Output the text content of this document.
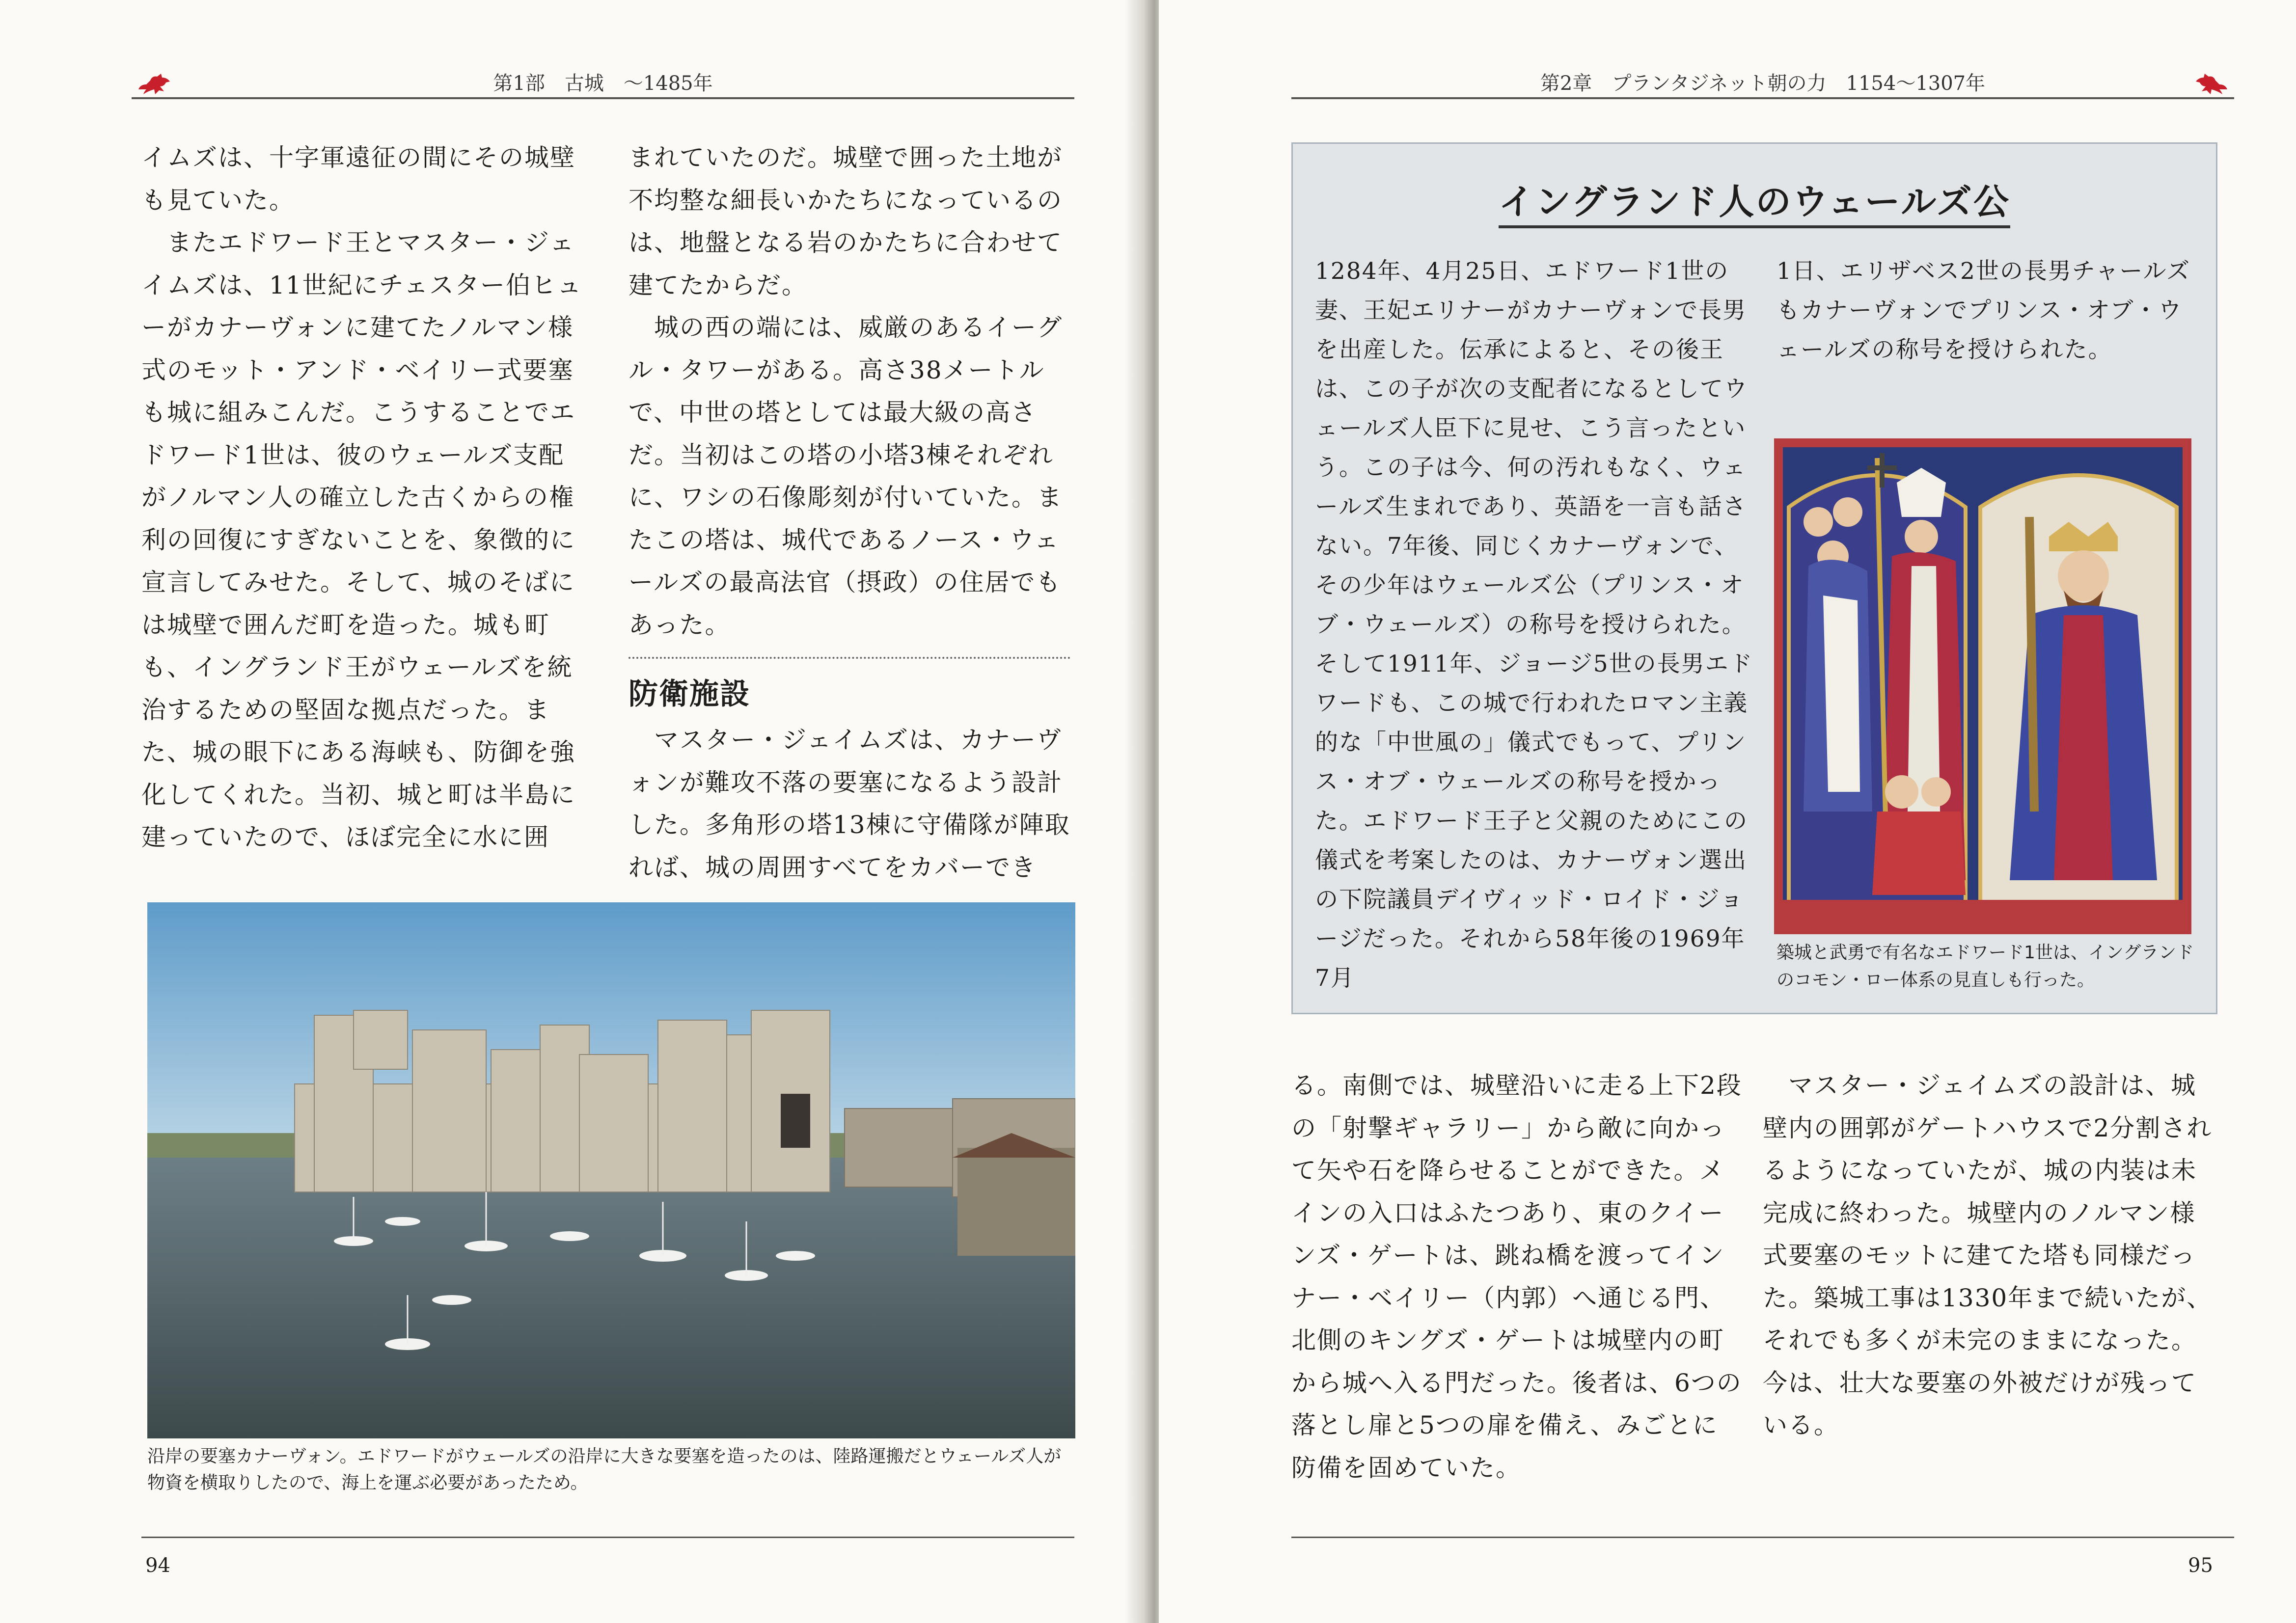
第1部　古城　～1485年

イムズは、十字軍遠征の間にその城壁も見ていた。

　またエドワード王とマスター・ジェイムズは、11世紀にチェスター伯ヒューがカナーヴォンに建てたノルマン様式のモット・アンド・ベイリー式要塞も城に組みこんだ。こうすることでエドワード1世は、彼のウェールズ支配がノルマン人の確立した古くからの権利の回復にすぎないことを、象徴的に宣言してみせた。そして、城のそばには城壁で囲んだ町を造った。城も町も、イングランド王がウェールズを統治するための堅固な拠点だった。また、城の眼下にある海峡も、防御を強化してくれた。当初、城と町は半島に建っていたので、ほぼ完全に水に囲

まれていたのだ。城壁で囲った土地が不均整な細長いかたちになっているのは、地盤となる岩のかたちに合わせて建てたからだ。

　城の西の端には、威厳のあるイーグル・タワーがある。高さ38メートルで、中世の塔としては最大級の高さだ。当初はこの塔の小塔3棟それぞれに、ワシの石像彫刻が付いていた。またこの塔は、城代であるノース・ウェールズの最高法官（摂政）の住居でもあった。

防衛施設

　マスター・ジェイムズは、カナーヴォンが難攻不落の要塞になるよう設計した。多角形の塔13棟に守備隊が陣取れば、城の周囲すべてをカバーでき

沿岸の要塞カナーヴォン。エドワードがウェールズの沿岸に大きな要塞を造ったのは、陸路運搬だとウェールズ人が物資を横取りしたので、海上を運ぶ必要があったため。
94
第2章　プランタジネット朝の力　1154～1307年
イングランド人のウェールズ公
1284年、4月25日、エドワード1世の妻、王妃エリナーがカナーヴォンで長男を出産した。伝承によると、その後王は、この子が次の支配者になるとしてウェールズ人臣下に見せ、こう言ったという。この子は今、何の汚れもなく、ウェールズ生まれであり、英語を一言も話さない。7年後、同じくカナーヴォンで、その少年はウェールズ公（プリンス・オブ・ウェールズ）の称号を授けられた。そして1911年、ジョージ5世の長男エドワードも、この城で行われたロマン主義的な「中世風の」儀式でもって、プリンス・オブ・ウェールズの称号を授かった。エドワード王子と父親のためにこの儀式を考案したのは、カナーヴォン選出の下院議員デイヴィッド・ロイド・ジョージだった。それから58年後の1969年7月
1日、エリザベス2世の長男チャールズもカナーヴォンでプリンス・オブ・ウェールズの称号を授けられた。
築城と武勇で有名なエドワード1世は、イングランドのコモン・ロー体系の見直しも行った。
る。南側では、城壁沿いに走る上下2段の「射撃ギャラリー」から敵に向かって矢や石を降らせることができた。メインの入口はふたつあり、東のクイーンズ・ゲートは、跳ね橋を渡ってインナー・ベイリー（内郭）へ通じる門、北側のキングズ・ゲートは城壁内の町から城へ入る門だった。後者は、6つの落とし扉と5つの扉を備え、みごとに防備を固めていた。
　マスター・ジェイムズの設計は、城壁内の囲郭がゲートハウスで2分割されるようになっていたが、城の内装は未完成に終わった。城壁内のノルマン様式要塞のモットに建てた塔も同様だった。築城工事は1330年まで続いたが、それでも多くが未完のままになった。今は、壮大な要塞の外被だけが残っている。
95
